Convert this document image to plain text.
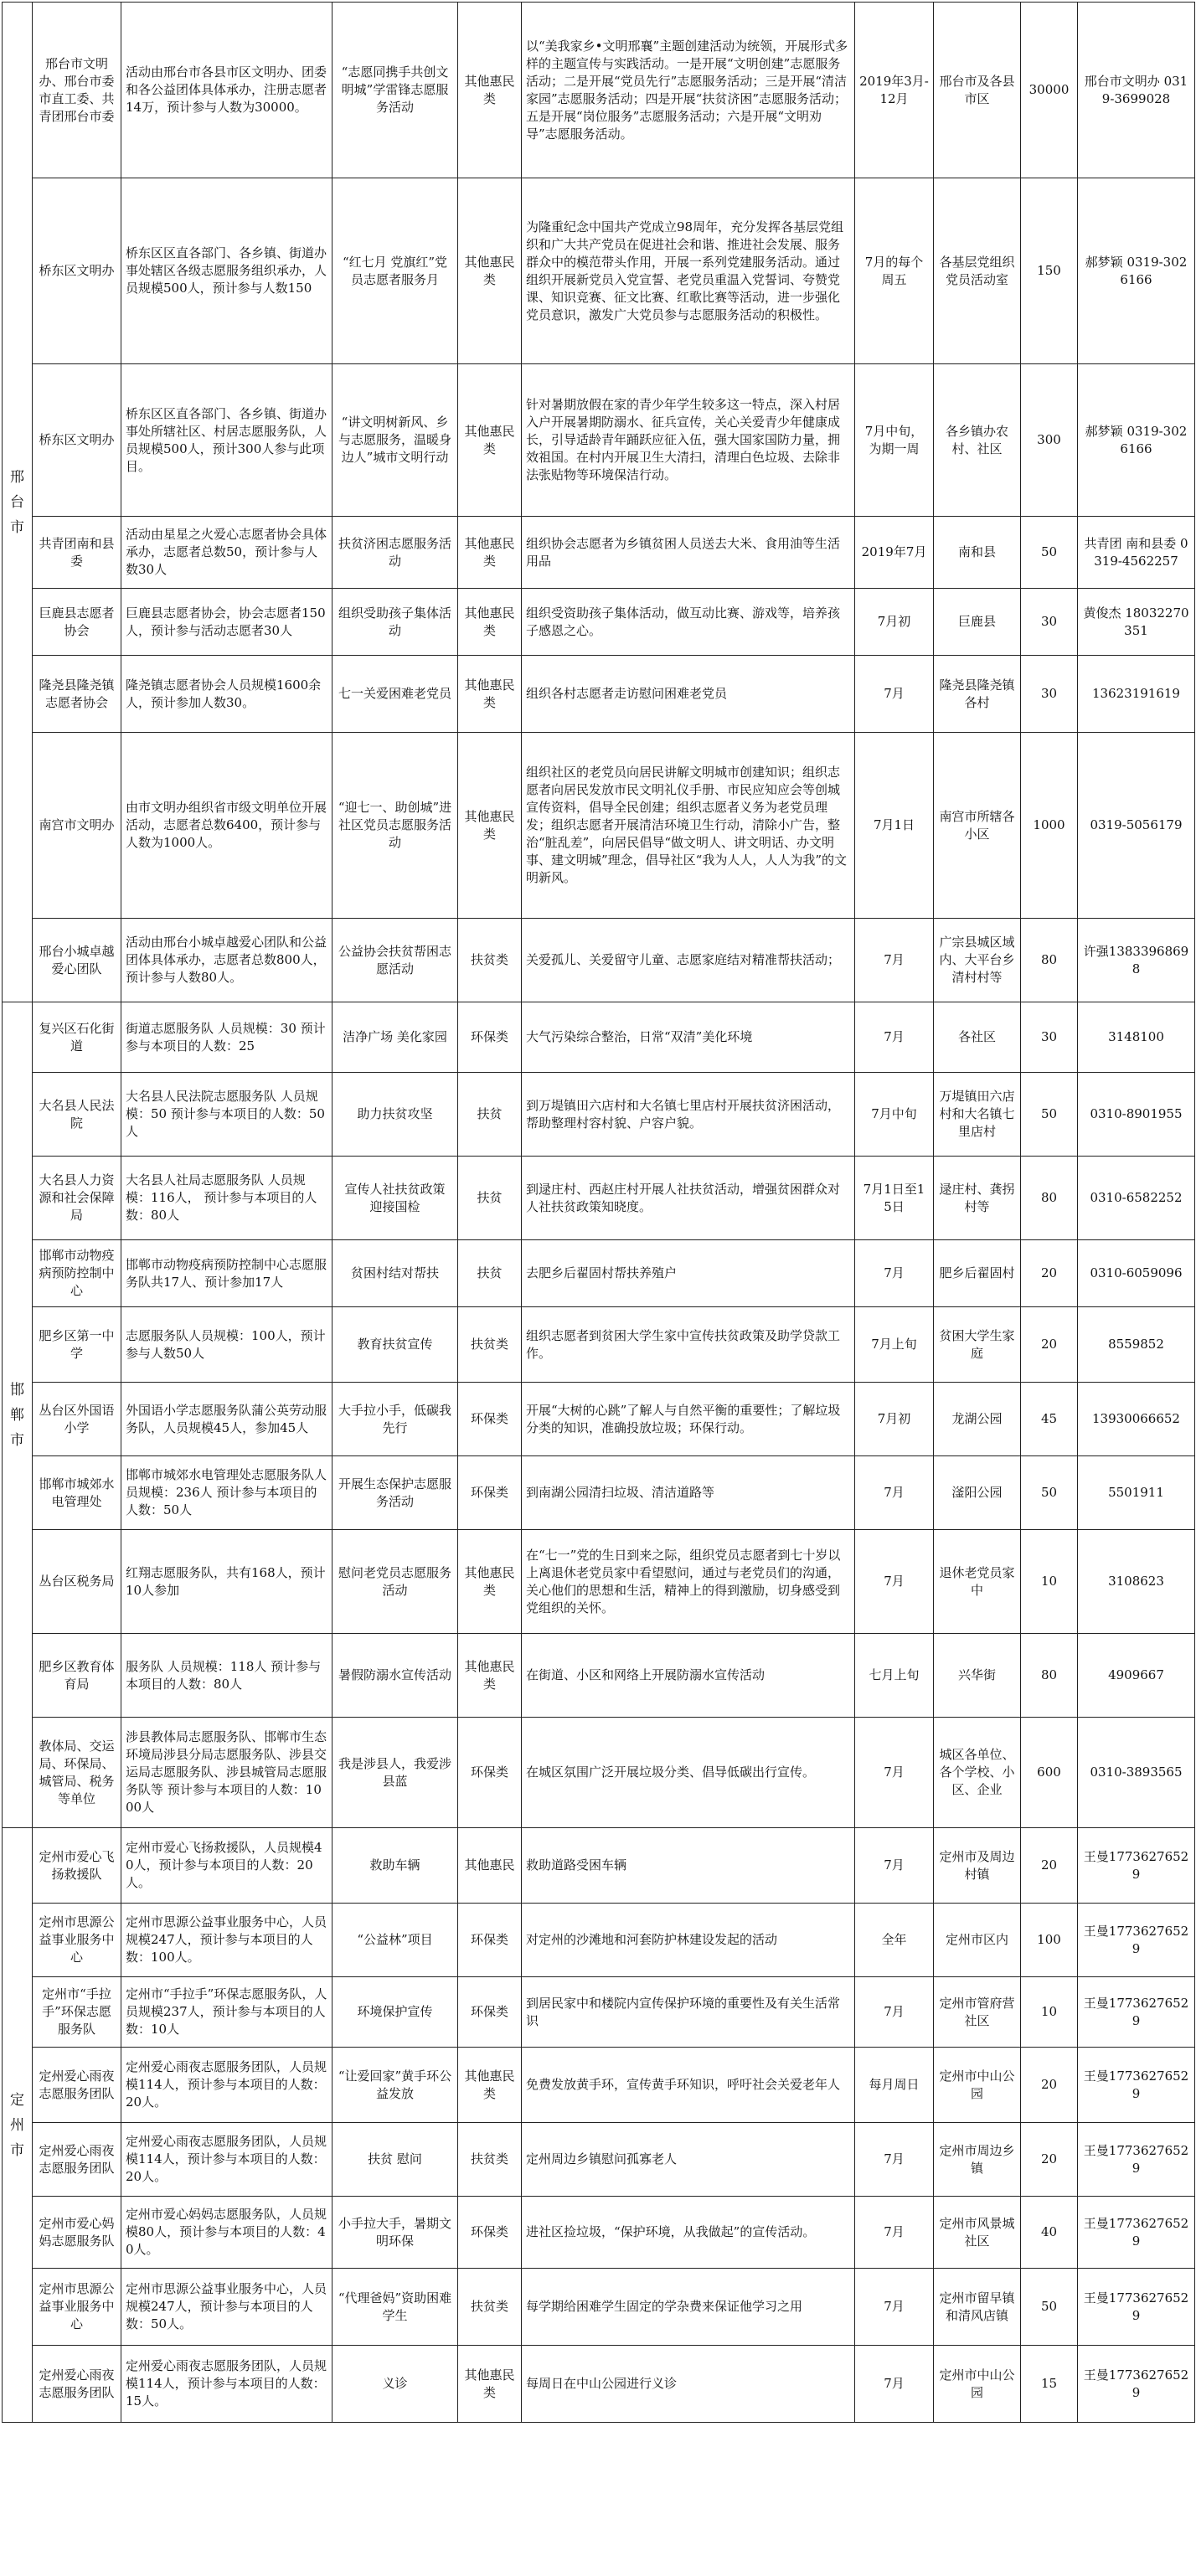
邢台市	邢台市文明办、邢台市委市直工委、共青团邢台市委	活动由邢台市各县市区文明办、团委和各公益团体具体承办，注册志愿者14万，预计参与人数为30000。	“志愿同携手共创文明城”学雷锋志愿服务活动	其他惠民类	以“美我家乡•文明邢襄”主题创建活动为统领，开展形式多样的主题宣传与实践活动。一是开展“文明创建”志愿服务活动；二是开展“党员先行”志愿服务活动；三是开展“清洁家园”志愿服务活动；四是开展“扶贫济困”志愿服务活动；五是开展“岗位服务”志愿服务活动；六是开展“文明劝导”志愿服务活动。	2019年3月-12月	邢台市及各县市区	30000	邢台市文明办 0319-3699028
	桥东区文明办	桥东区区直各部门、各乡镇、街道办事处辖区各级志愿服务组织承办，人员规模500人，预计参与人数150	“红七月 党旗红”党员志愿者服务月	其他惠民类	为隆重纪念中国共产党成立98周年，充分发挥各基层党组织和广大共产党员在促进社会和谐、推进社会发展、服务群众中的模范带头作用，开展一系列党建服务活动。通过组织开展新党员入党宣誓、老党员重温入党誓词、夸赞党课、知识竞赛、征文比赛、红歌比赛等活动，进一步强化党员意识，激发广大党员参与志愿服务活动的积极性。	7月的每个周五	各基层党组织党员活动室	150	郝梦颖 0319-3026166
	桥东区文明办	桥东区区直各部门、各乡镇、街道办事处所辖社区、村居志愿服务队，人员规模500人，预计300人参与此项目。	“讲文明树新风、乡与志愿服务，温暖身边人”城市文明行动	其他惠民类	针对暑期放假在家的青少年学生较多这一特点，深入村居入户开展暑期防溺水、征兵宣传，关心关爱青少年健康成长，引导适龄青年踊跃应征入伍，强大国家国防力量，拥效祖国。在村内开展卫生大清扫，清理白色垃圾、去除非法张贴物等环境保洁行动。	7月中旬，为期一周	各乡镇办农村、社区	300	郝梦颖 0319-3026166
	共青团南和县委	活动由星星之火爱心志愿者协会具体承办，志愿者总数50，预计参与人数30人	扶贫济困志愿服务活动	其他惠民类	组织协会志愿者为乡镇贫困人员送去大米、食用油等生活用品	2019年7月	南和县	50	共青团 南和县委 0319-4562257
	巨鹿县志愿者协会	巨鹿县志愿者协会，协会志愿者150人，预计参与活动志愿者30人	组织受助孩子集体活动	其他惠民类	组织受资助孩子集体活动，做互动比赛、游戏等，培养孩子感恩之心。	7月初	巨鹿县	30	黄俊杰 18032270351
	隆尧县隆尧镇志愿者协会	隆尧镇志愿者协会人员规模1600余人，预计参加人数30。	七一关爱困难老党员	其他惠民类	组织各村志愿者走访慰问困难老党员	7月	隆尧县隆尧镇各村	30	13623191619
	南宫市文明办	由市文明办组织省市级文明单位开展活动，志愿者总数6400，预计参与人数为1000人。	“迎七一、助创城”进社区党员志愿服务活动	其他惠民类	组织社区的老党员向居民讲解文明城市创建知识；组织志愿者向居民发放市民文明礼仪手册、市民应知应会等创城宣传资料，倡导全民创建；组织志愿者义务为老党员理发；组织志愿者开展清洁环境卫生行动，清除小广告，整治“脏乱差”，向居民倡导“做文明人、讲文明话、办文明事、建文明城”理念，倡导社区“我为人人，人人为我”的文明新风。	7月1日	南宫市所辖各小区	1000	0319-5056179
	邢台小城卓越爱心团队	活动由邢台小城卓越爱心团队和公益团体具体承办，志愿者总数800人，预计参与人数80人。	公益协会扶贫帮困志愿活动	扶贫类	关爱孤儿、关爱留守儿童、志愿家庭结对精准帮扶活动；	7月	广宗县城区域内、大平台乡清村村等	80	许强13833968698
邯郸市	复兴区石化街道	街道志愿服务队 人员规模：30 预计参与本项目的人数：25	洁净广场 美化家园	环保类	大气污染综合整治，日常“双清”美化环境	7月	各社区	30	3148100
	大名县人民法院	大名县人民法院志愿服务队 人员规模：50 预计参与本项目的人数：50人	助力扶贫攻坚	扶贫	到万堤镇田六店村和大名镇七里店村开展扶贫济困活动，帮助整理村容村貌、户容户貌。	7月中旬	万堤镇田六店村和大名镇七里店村	50	0310-8901955
	大名县人力资源和社会保障局	大名县人社局志愿服务队 人员规模：116人， 预计参与本项目的人数：80人	宣传人社扶贫政策 迎接国检	扶贫	到逯庄村、西赵庄村开展人社扶贫活动，增强贫困群众对人社扶贫政策知晓度。	7月1日至15日	逯庄村、龚拐村等	80	0310-6582252
	邯郸市动物疫病预防控制中心	邯郸市动物疫病预防控制中心志愿服务队共17人、预计参加17人	贫困村结对帮扶	扶贫	去肥乡后翟固村帮扶养殖户	7月	肥乡后翟固村	20	0310-6059096
	肥乡区第一中学	志愿服务队人员规模：100人，预计参与人数50人	教育扶贫宣传	扶贫类	组织志愿者到贫困大学生家中宣传扶贫政策及助学贷款工作。	7月上旬	贫困大学生家庭	20	8559852
	丛台区外国语小学	外国语小学志愿服务队蒲公英劳动服务队，人员规模45人，参加45人	大手拉小手，低碳我先行	环保类	开展“大树的心跳”了解人与自然平衡的重要性；了解垃圾分类的知识，准确投放垃圾；环保行动。	7月初	龙湖公园	45	13930066652
	邯郸市城郊水电管理处	邯郸市城郊水电管理处志愿服务队人员规模：236人 预计参与本项目的人数：50人	开展生态保护志愿服务活动	环保类	到南湖公园清扫垃圾、清洁道路等	7月	滏阳公园	50	5501911
	丛台区税务局	红翔志愿服务队，共有168人，预计10人参加	慰问老党员志愿服务活动	其他惠民类	在“七一”党的生日到来之际，组织党员志愿者到七十岁以上离退休老党员家中看望慰问，通过与老党员们的沟通，关心他们的思想和生活，精神上的得到激励，切身感受到党组织的关怀。	7月	退休老党员家中	10	3108623
	肥乡区教育体育局	服务队 人员规模：118人 预计参与本项目的人数：80人	暑假防溺水宣传活动	其他惠民类	在街道、小区和网络上开展防溺水宣传活动	七月上旬	兴华街	80	4909667
	教体局、交运局、环保局、城管局、税务等单位	涉县教体局志愿服务队、邯郸市生态环境局涉县分局志愿服务队、涉县交运局志愿服务队、涉县城管局志愿服务队等 预计参与本项目的人数：1000人	我是涉县人，我爱涉县蓝	环保类	在城区氛围广泛开展垃圾分类、倡导低碳出行宣传。	7月	城区各单位、各个学校、小区、企业	600	0310-3893565
定州市	定州市爱心飞扬救援队	定州市爱心飞扬救援队，人员规模40人，预计参与本项目的人数：20人。	救助车辆	其他惠民	救助道路受困车辆	7月	定州市及周边村镇	20	王曼17736276529
	定州市思源公益事业服务中心	定州市思源公益事业服务中心，人员规模247人，预计参与本项目的人数：100人。	“公益林”项目	环保类	对定州的沙滩地和河套防护林建设发起的活动	全年	定州市区内	100	王曼17736276529
	定州市“手拉手”环保志愿服务队	定州市“手拉手”环保志愿服务队，人员规模237人，预计参与本项目的人数：10人	环境保护宣传	环保类	到居民家中和楼院内宣传保护环境的重要性及有关生活常识	7月	定州市管府营社区	10	王曼17736276529
	定州爱心雨夜志愿服务团队	定州爱心雨夜志愿服务团队，人员规模114人，预计参与本项目的人数：20人。	“让爱回家”黄手环公益发放	其他惠民类	免费发放黄手环，宣传黄手环知识，呼吁社会关爱老年人	每月周日	定州市中山公园	20	王曼17736276529
	定州爱心雨夜志愿服务团队	定州爱心雨夜志愿服务团队，人员规模114人，预计参与本项目的人数：20人。	扶贫 慰问	扶贫类	定州周边乡镇慰问孤寡老人	7月	定州市周边乡镇	20	王曼17736276529
	定州市爱心妈妈志愿服务队	定州市爱心妈妈志愿服务队，人员规模80人，预计参与本项目的人数：40人。	小手拉大手，暑期文明环保	环保类	进社区捡垃圾，“保护环境，从我做起”的宣传活动。	7月	定州市风景城社区	40	王曼17736276529
	定州市思源公益事业服务中心	定州市思源公益事业服务中心，人员规模247人，预计参与本项目的人数：50人。	“代理爸妈”资助困难学生	扶贫类	每学期给困难学生固定的学杂费来保证他学习之用	7月	定州市留早镇和清风店镇	50	王曼17736276529
	定州爱心雨夜志愿服务团队	定州爱心雨夜志愿服务团队，人员规模114人，预计参与本项目的人数：15人。	义诊	其他惠民类	每周日在中山公园进行义诊	7月	定州市中山公园	15	王曼17736276529
